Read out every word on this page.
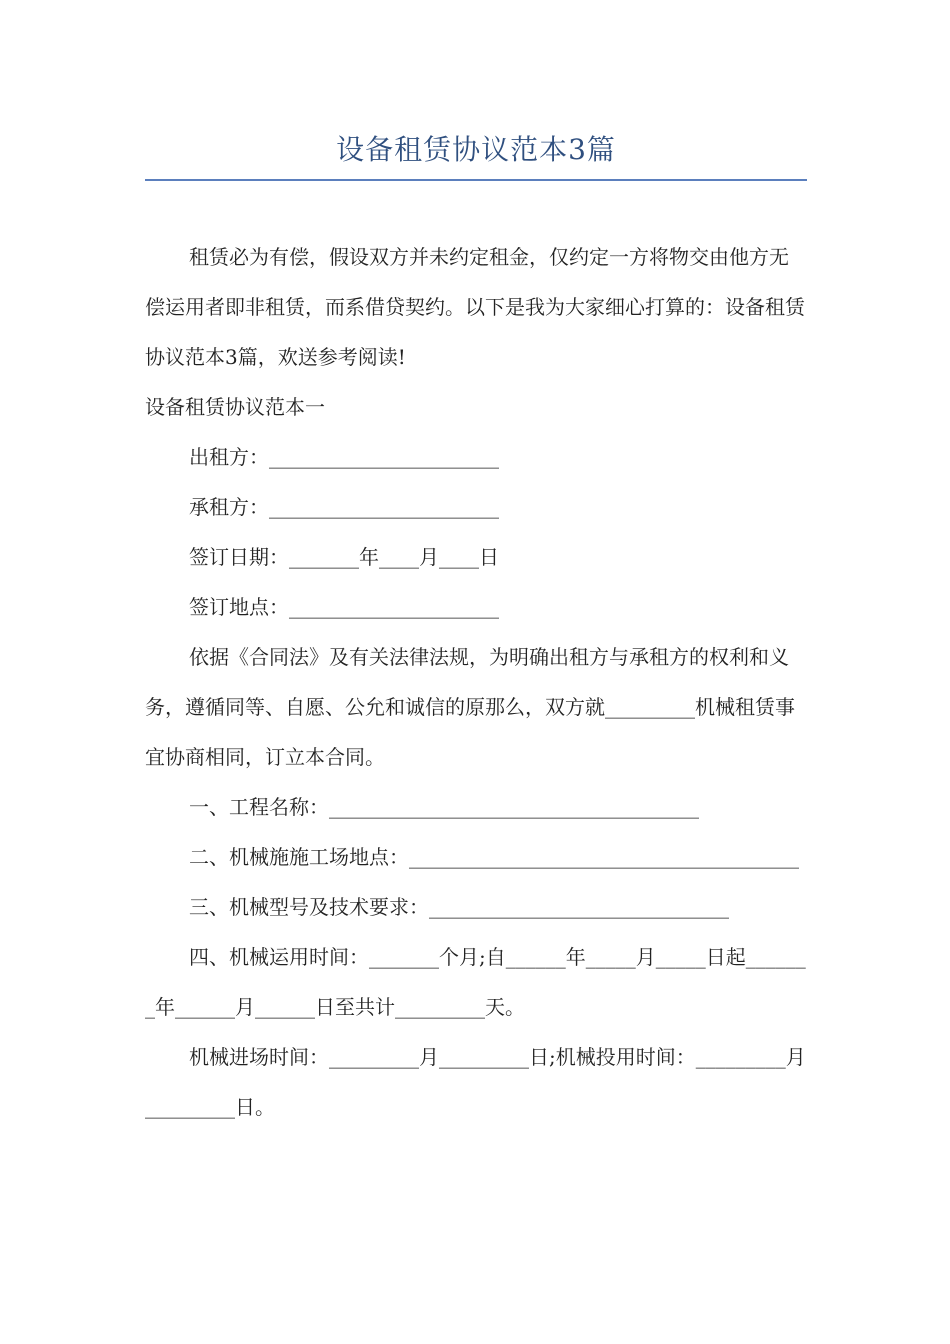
设备租赁协议范本3篇

租赁必为有偿，假设双方并未约定租金，仅约定一方将物交由他方无偿运用者即非租赁，而系借贷契约。以下是我为大家细心打算的：设备租赁协议范本3篇，欢送参考阅读!

设备租赁协议范本一

出租方：_______________________

承租方：_______________________

签订日期：_______年____月____日

签订地点：_____________________

依据《合同法》及有关法律法规，为明确出租方与承租方的权利和义务，遵循同等、自愿、公允和诚信的原那么，双方就_________机械租赁事宜协商相同，订立本合同。

一、工程名称：_____________________________________

二、机械施施工场地点：_______________________________________

三、机械型号及技术要求：______________________________

四、机械运用时间：_______个月;自______年_____月_____日起_______年______月______日至共计_________天。

机械进场时间：_________月_________日;机械投用时间：_________月_________日。
